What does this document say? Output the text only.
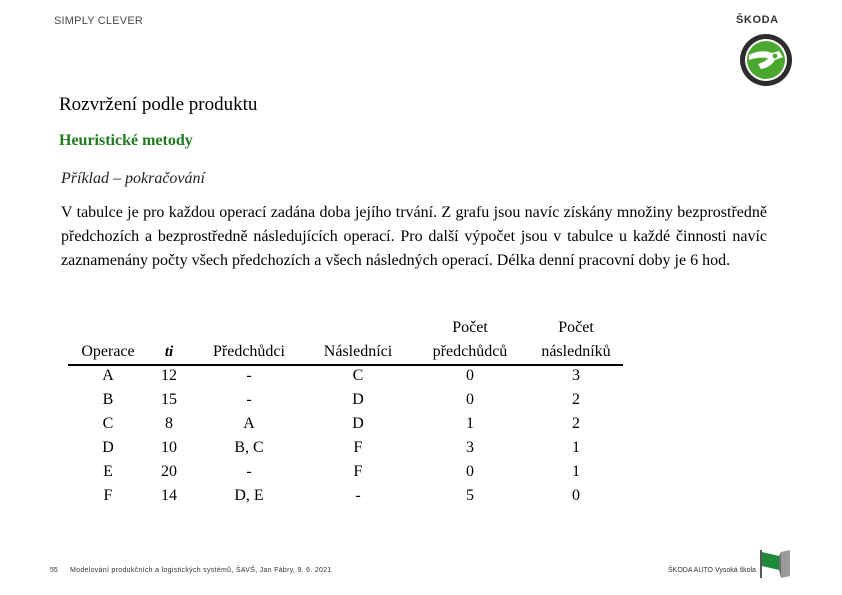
SIMPLY CLEVER	ŠKODA
Rozvržení podle produktu
Heuristické metody
Příklad – pokračování
V tabulce je pro každou operací zadána doba jejího trvání. Z grafu jsou navíc získány množiny bezprostředně předchozích a bezprostředně následujících operací. Pro další výpočet jsou v tabulce u každé činnosti navíc zaznamenány počty všech předchozích a všech následných operací. Délka denní pracovní doby je 6 hod.
Operace
A
B
C
D
E
F
ti
12
15
8
10
20
14
Předchůdci
-
-
A
B, C
-
D, E
Následníci
C
D
D
F
F
-
Počet
předchůdců
0
0
1
3
0
5
Počet
následníků
3
2
2
1
1
0
55 Modelování produkčních a logistických systémů, ŠAVŠ, Jan Fábry, 9. 6. 2021	ŠKODA AUTO Vysoká škola
